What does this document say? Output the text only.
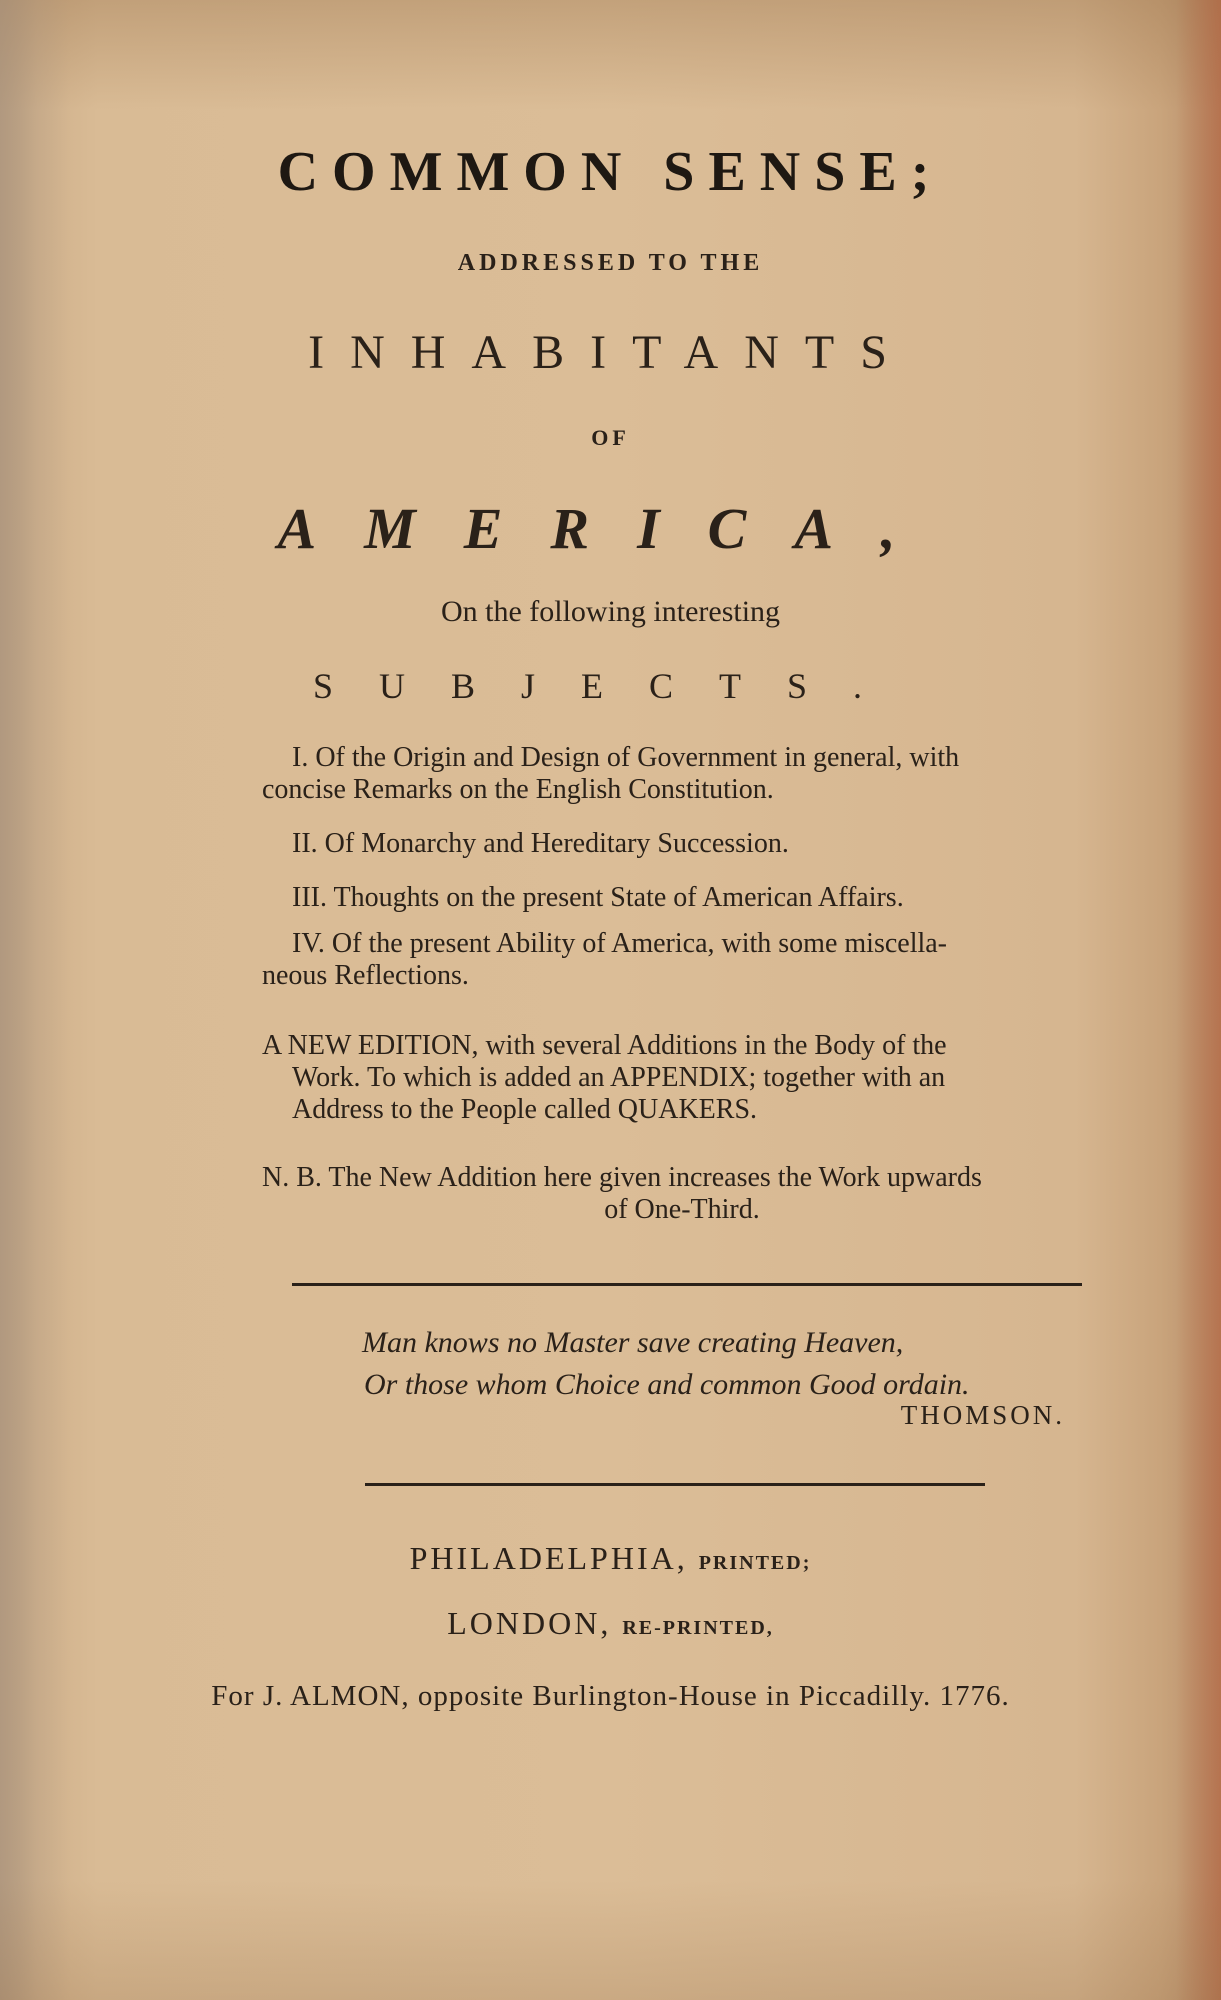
COMMON SENSE;
ADDRESSED TO THE
INHABITANTS
OF
AMERICA,
On the following interesting
SUBJECTS.
I. Of the Origin and Design of Government in general, with
concise Remarks on the English Constitution.
II. Of Monarchy and Hereditary Succession.
III. Thoughts on the present State of American Affairs.
IV. Of the present Ability of America, with some miscella-
neous Reflections.
A NEW EDITION, with several Additions in the Body of the
Work. To which is added an APPENDIX; together with an
Address to the People called QUAKERS.
N. B. The New Addition here given increases the Work upwards
of One-Third.
Man knows no Master save creating Heaven,
Or those whom Choice and common Good ordain.
THOMSON.
PHILADELPHIA, PRINTED;
LONDON, RE-PRINTED,
For J. ALMON, opposite Burlington-House in Piccadilly. 1776.
